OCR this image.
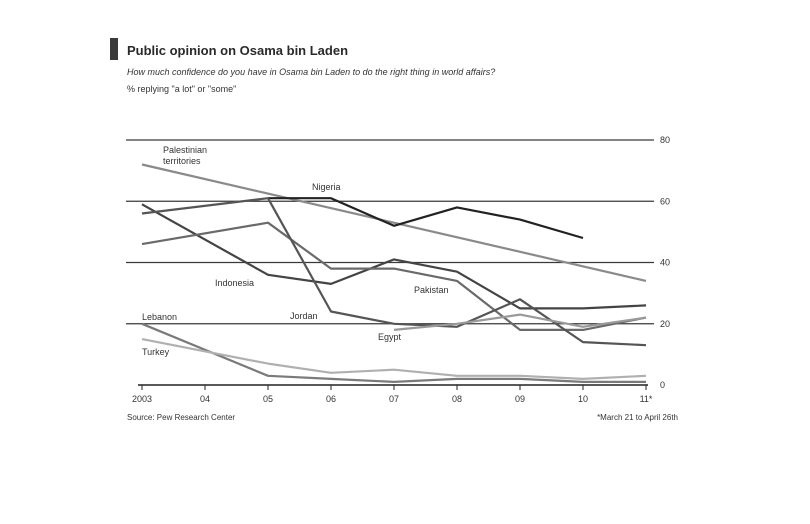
Public opinion on Osama bin Laden
How much confidence do you have in Osama bin Laden to do the right thing in world affairs?
% replying "a lot" or "some"
0
20
40
60
80
2003	04	05	06	07	08	09	10	11*
Palestinian territories
Nigeria
Indonesia
Pakistan
Jordan
Egypt
Lebanon
Turkey
Source: Pew Research Center	*March 21 to April 26th
